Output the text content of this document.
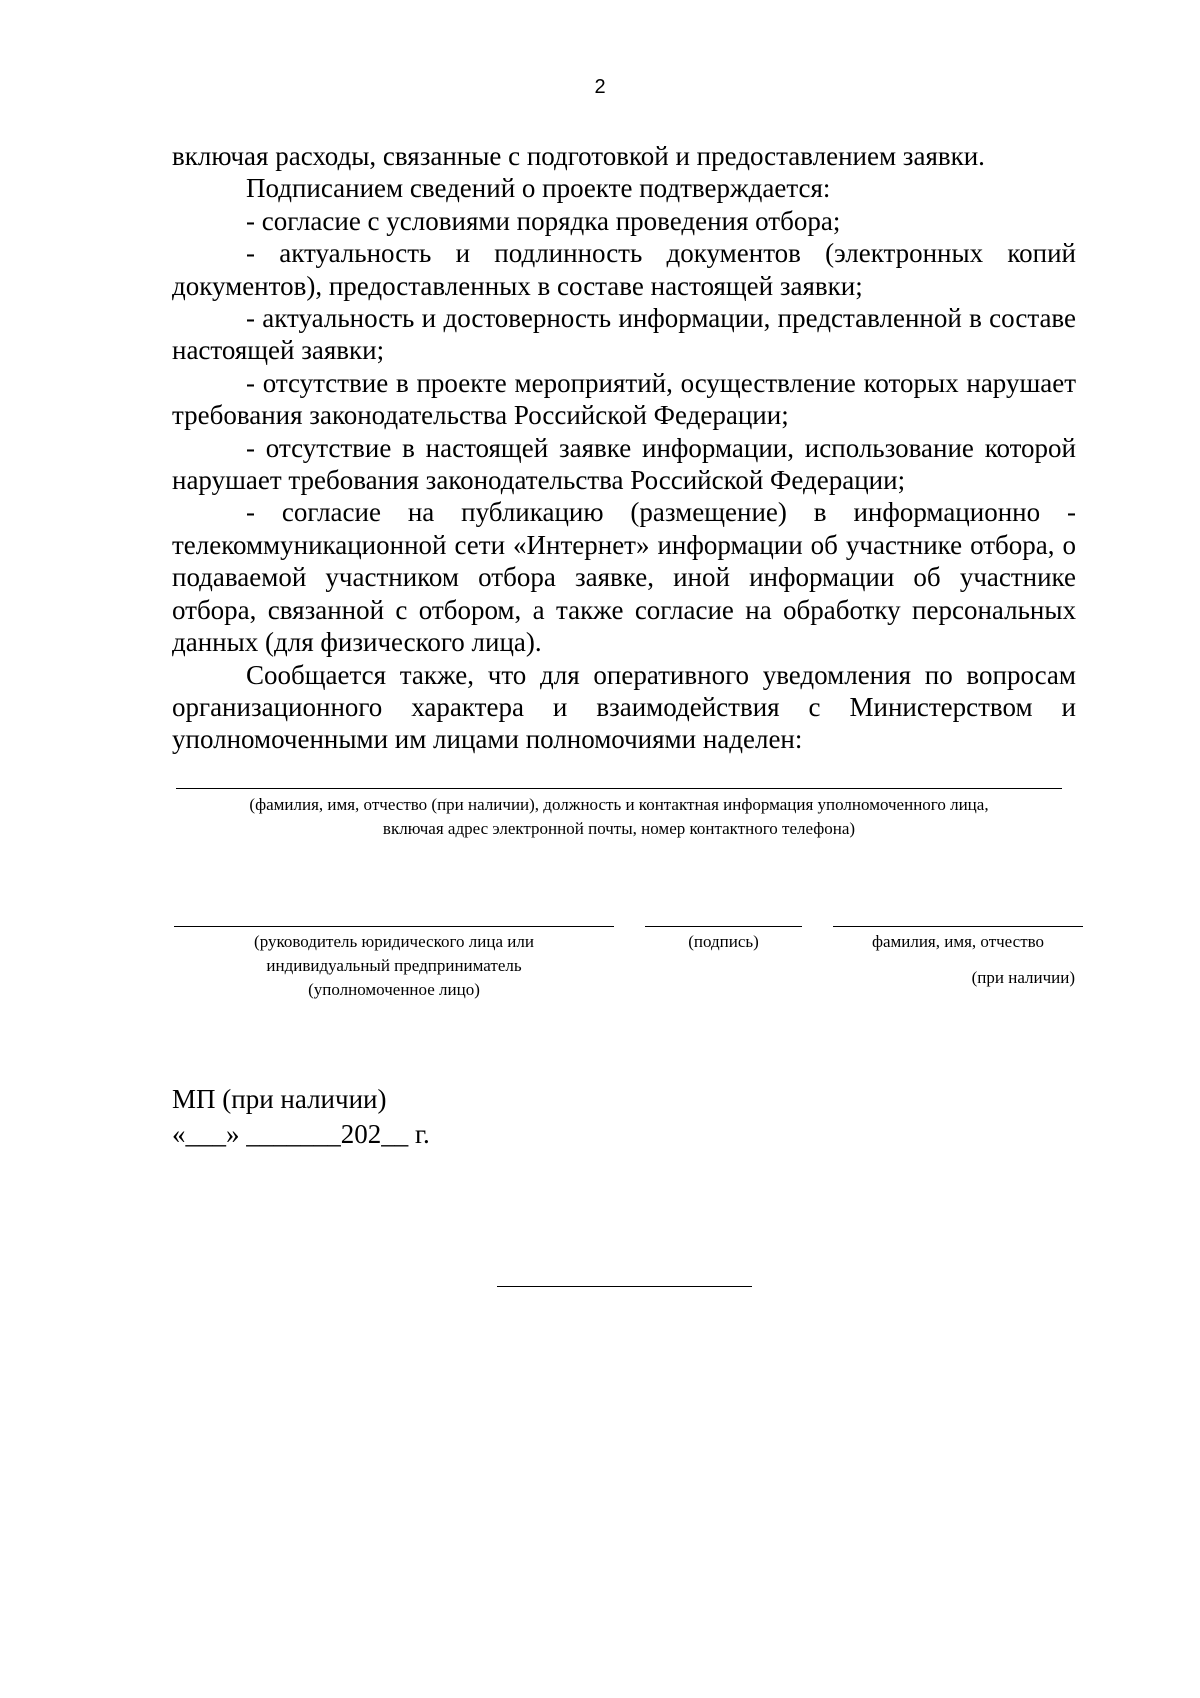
2

включая расходы, связанные с подготовкой и предоставлением заявки.

Подписанием сведений о проекте подтверждается:

- согласие с условиями порядка проведения отбора;

- актуальность и подлинность документов (электронных копий документов), предоставленных в составе настоящей заявки;

- актуальность и достоверность информации, представленной в составе настоящей заявки;

- отсутствие в проекте мероприятий, осуществление которых нарушает требования законодательства Российской Федерации;

- отсутствие в настоящей заявке информации, использование которой нарушает требования законодательства Российской Федерации;

- согласие на публикацию (размещение) в информационно - телекоммуникационной сети «Интернет» информации об участнике отбора, о подаваемой участником отбора заявке, иной информации об участнике отбора, связанной с отбором, а также согласие на обработку персональных данных (для физического лица).

Сообщается также, что для оперативного уведомления по вопросам организационного характера и взаимодействия с Министерством и уполномоченными им лицами полномочиями наделен:

(фамилия, имя, отчество (при наличии), должность и контактная информация уполномоченного лица,
включая адрес электронной почты, номер контактного телефона)
(руководитель юридического лица или
индивидуальный предприниматель
(уполномоченное лицо)
(подпись)	фамилия, имя, отчество
(при наличии)
МП (при наличии)
«___» _______202__ г.
